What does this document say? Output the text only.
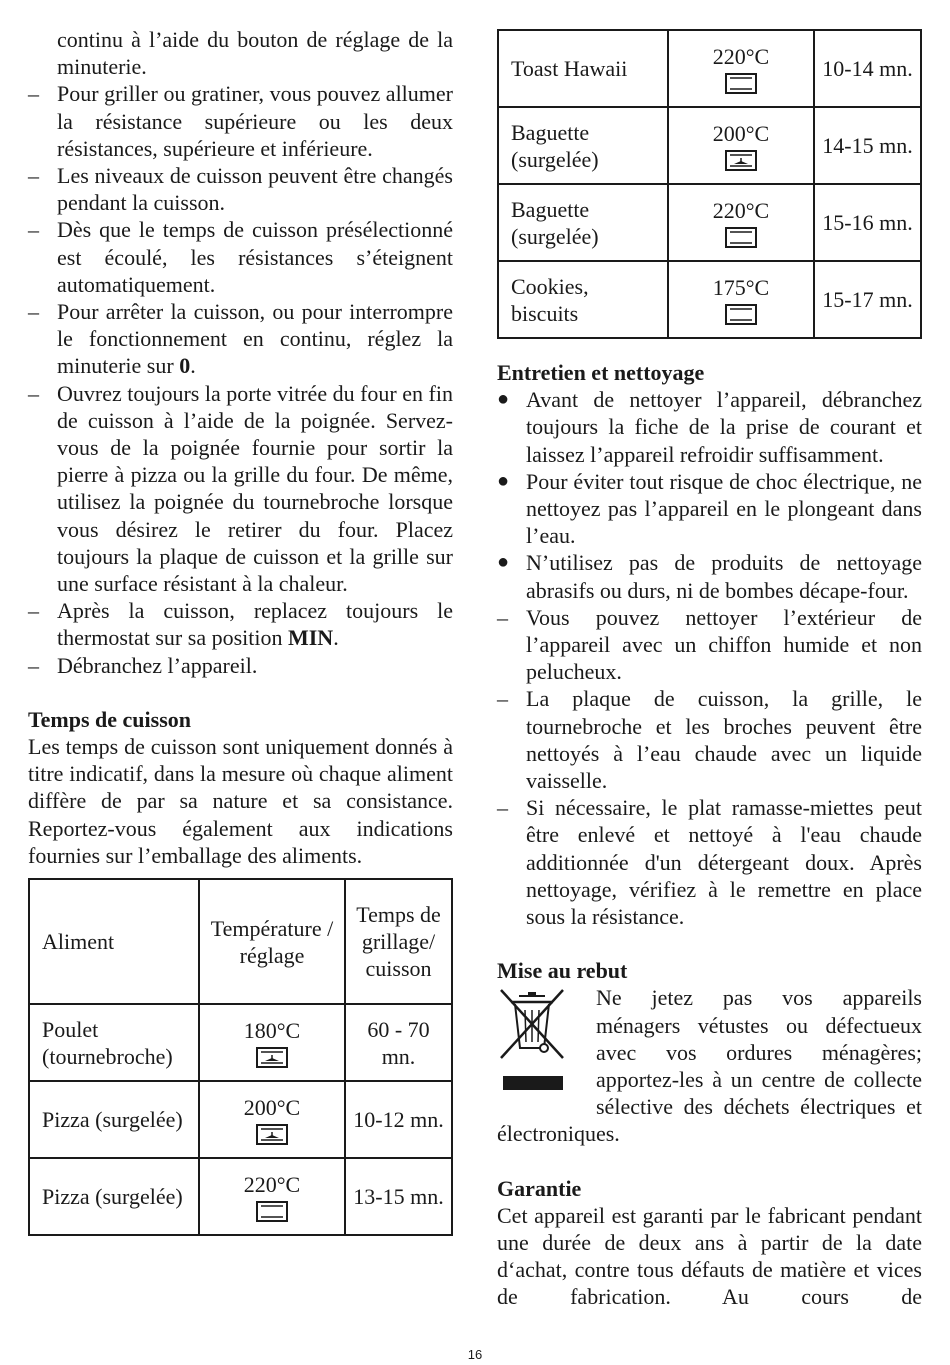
continu à l’aide du bouton de réglage de la minuterie.

– Pour griller ou gratiner, vous pouvez allumer la résistance supérieure ou les deux résistances, supérieure et inférieure.
– Les niveaux de cuisson peuvent être changés pendant la cuisson.
– Dès que le temps de cuisson présélectionné est écoulé, les résistances s’éteignent automatiquement.
– Pour arrêter la cuisson, ou pour interrompre le fonctionnement en continu, réglez la minuterie sur 0.
– Ouvrez toujours la porte vitrée du four en fin de cuisson à l’aide de la poignée. Servez-vous de la poignée fournie pour sortir la pierre à pizza ou la grille du four. De même, utilisez la poignée du tournebroche lorsque vous désirez le retirer du four. Placez toujours la plaque de cuisson et la grille sur une surface résistant à la chaleur.
– Après la cuisson, replacez toujours le thermostat sur sa position MIN.
– Débranchez l’appareil.
Temps de cuisson

Les temps de cuisson sont uniquement donnés à titre indicatif, dans la mesure où chaque aliment diffère de par sa nature et sa consistance. Reportez-vous également aux indications fournies sur l’emballage des aliments.

Aliment	Température / réglage	Temps de grillage/ cuisson
Poulet (tournebroche)	180°C	60 - 70 mn.
Pizza (surgelée)	200°C	10-12 mn.
Pizza (surgelée)	220°C	13-15 mn.
Toast Hawaii	220°C	10-14 mn.
Baguette (surgelée)	200°C	14-15 mn.
Baguette (surgelée)	220°C	15-16 mn.
Cookies, biscuits	175°C	15-17 mn.
Entretien et nettoyage
● Avant de nettoyer l’appareil, débranchez toujours la fiche de la prise de courant et laissez l’appareil refroidir suffisamment.
● Pour éviter tout risque de choc électrique, ne nettoyez pas l’appareil en le plongeant dans l’eau.
● N’utilisez pas de produits de nettoyage abrasifs ou durs, ni de bombes décape-four.
– Vous pouvez nettoyer l’extérieur de l’appareil avec un chiffon humide et non pelucheux.
– La plaque de cuisson, la grille, le tournebroche et les broches peuvent être nettoyés à l’eau chaude avec un liquide vaisselle.
– Si nécessaire, le plat ramasse-miettes peut être enlevé et nettoyé à l'eau chaude additionnée d'un détergeant doux. Après nettoyage, vérifiez à le remettre en place sous la résistance.
Mise au rebut
Ne jetez pas vos appareils
ménagers vétustes ou défectueux
avec vos ordures ménagères;
apportez-les à un centre de collecte
sélective des déchets électriques et

électroniques.

Garantie

Cet appareil est garanti par le fabricant pendant une durée de deux ans à partir de la date d‘achat, contre tous défauts de matière et vices de fabrication. Au cours de

16
